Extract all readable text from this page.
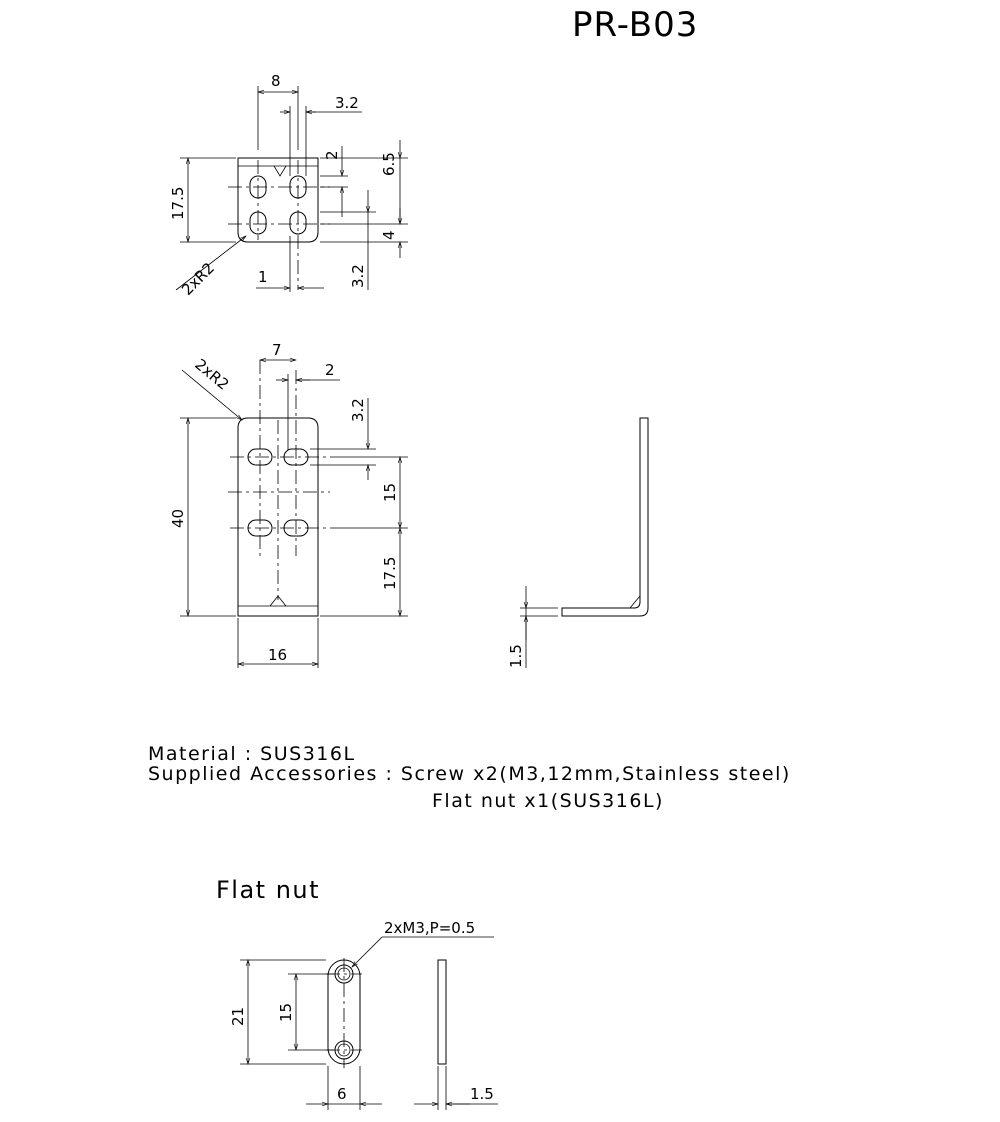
PR-B03
8
3.2
17.5
2	6.5
4
3.2
1
2xR2
7
2
2xR2
40
3.2
15
17.5
16	1.5
Material : SUS316L
Supplied Accessories : Screw x2(M3,12mm,Stainless steel)
Flat nut x1(SUS316L)
Flat nut
2xM3,P=0.5
21 15
6	1.5
